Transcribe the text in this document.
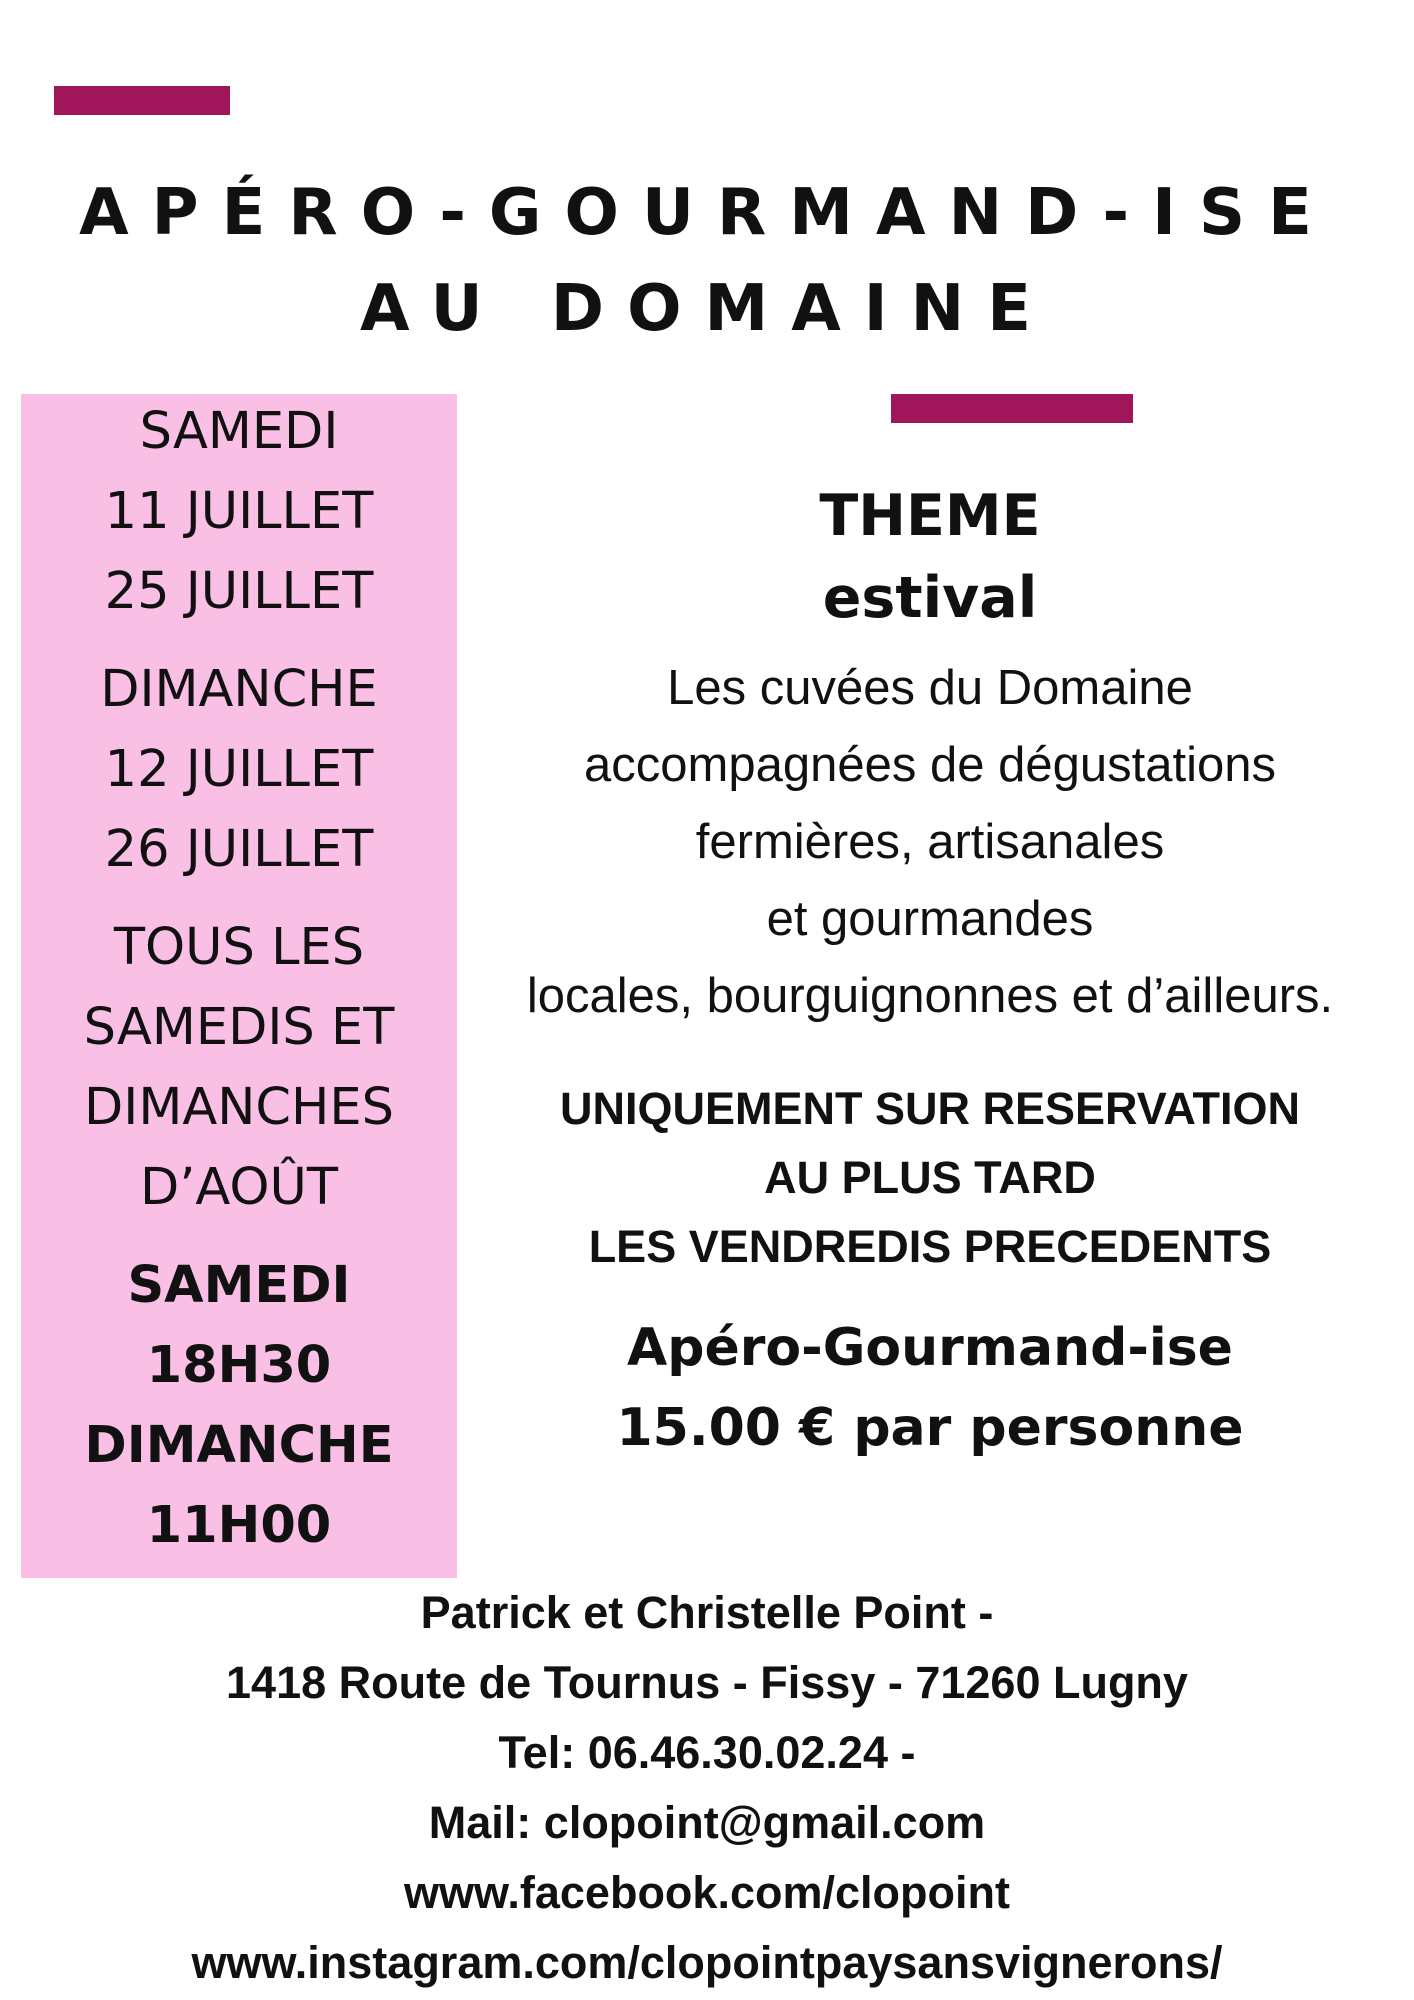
APÉRO-GOURMAND-ISE
AU DOMAINE
SAMEDI
11 JUILLET
25 JUILLET
DIMANCHE
12 JUILLET
26 JUILLET
TOUS LES
SAMEDIS ET
DIMANCHES
D’AOÛT
SAMEDI
18H30
DIMANCHE
11H00
THEME
estival
Les cuvées du Domaine
accompagnées de dégustations
fermières, artisanales
et gourmandes
locales, bourguignonnes et d’ailleurs.
UNIQUEMENT SUR RESERVATION
AU PLUS TARD
LES VENDREDIS PRECEDENTS
Apéro-Gourmand-ise
15.00 € par personne
Patrick et Christelle Point -
1418 Route de Tournus - Fissy - 71260 Lugny
Tel: 06.46.30.02.24 -
Mail: clopoint@gmail.com
www.facebook.com/clopoint
www.instagram.com/clopointpaysansvignerons/
